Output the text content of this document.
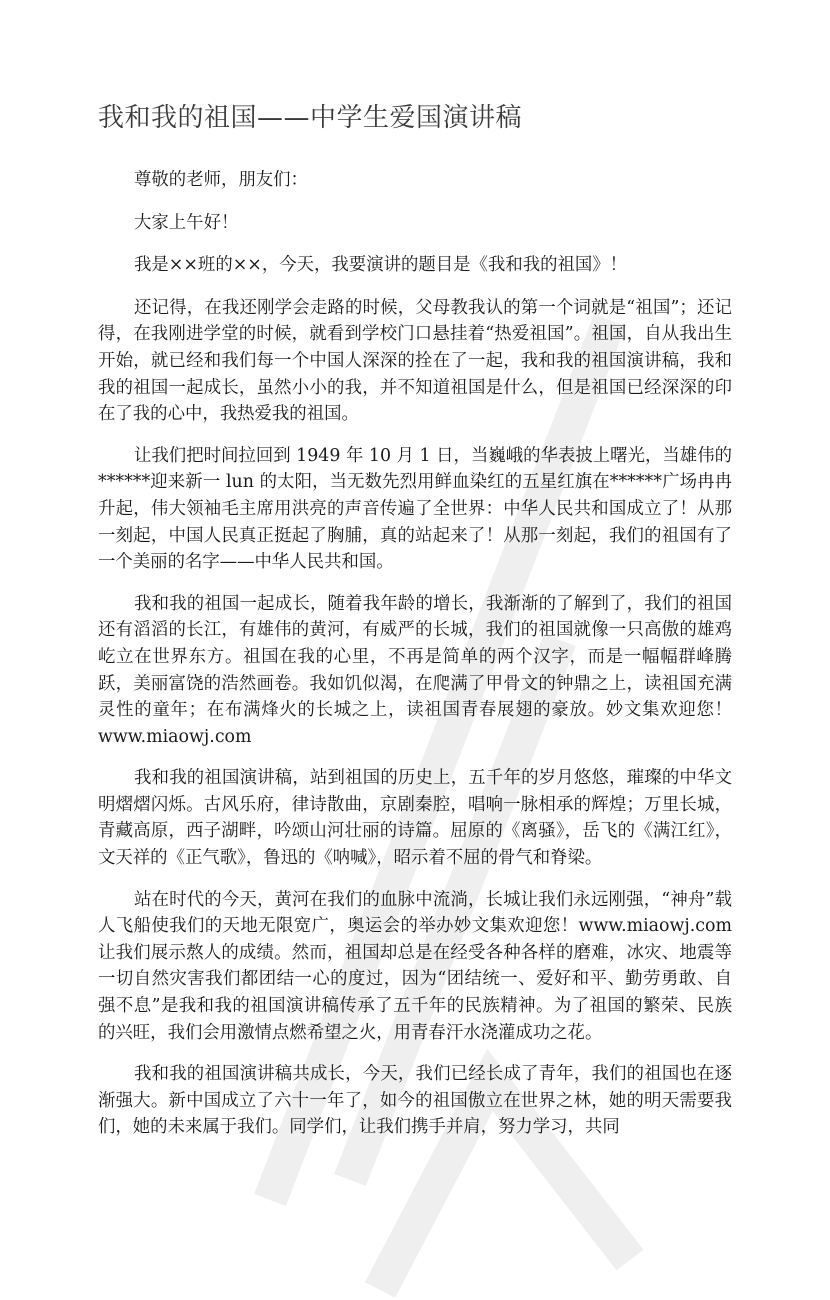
我和我的祖国——中学生爱国演讲稿

尊敬的老师，朋友们：

大家上午好！

我是××班的××，今天，我要演讲的题目是《我和我的祖国》！

还记得，在我还刚学会走路的时候，父母教我认的第一个词就是“祖国”；还记得，在我刚进学堂的时候，就看到学校门口悬挂着“热爱祖国”。祖国，自从我出生开始，就已经和我们每一个中国人深深的拴在了一起，我和我的祖国演讲稿，我和我的祖国一起成长，虽然小小的我，并不知道祖国是什么，但是祖国已经深深的印在了我的心中，我热爱我的祖国。

让我们把时间拉回到 1949 年 10 月 1 日，当巍峨的华表披上曙光，当雄伟的******迎来新一 lun 的太阳，当无数先烈用鲜血染红的五星红旗在******广场冉冉升起，伟大领袖毛主席用洪亮的声音传遍了全世界：中华人民共和国成立了！从那一刻起，中国人民真正挺起了胸脯，真的站起来了！从那一刻起，我们的祖国有了一个美丽的名字——中华人民共和国。

我和我的祖国一起成长，随着我年龄的增长，我渐渐的了解到了，我们的祖国还有滔滔的长江，有雄伟的黄河，有威严的长城，我们的祖国就像一只高傲的雄鸡屹立在世界东方。祖国在我的心里，不再是简单的两个汉字，而是一幅幅群峰腾跃，美丽富饶的浩然画卷。我如饥似渴，在爬满了甲骨文的钟鼎之上，读祖国充满灵性的童年；在布满烽火的长城之上，读祖国青春展翅的豪放。妙文集欢迎您！www.miaowj.com

我和我的祖国演讲稿，站到祖国的历史上，五千年的岁月悠悠，璀璨的中华文明熠熠闪烁。古风乐府，律诗散曲，京剧秦腔，唱响一脉相承的辉煌；万里长城，青藏高原，西子湖畔，吟颂山河壮丽的诗篇。屈原的《离骚》，岳飞的《满江红》，文天祥的《正气歌》，鲁迅的《呐喊》，昭示着不屈的骨气和脊梁。

站在时代的今天，黄河在我们的血脉中流淌，长城让我们永远刚强，“神舟”载人飞船使我们的天地无限宽广，奥运会的举办妙文集欢迎您！www.miaowj.com 让我们展示熬人的成绩。然而，祖国却总是在经受各种各样的磨难，冰灾、地震等一切自然灾害我们都团结一心的度过，因为“团结统一、爱好和平、勤劳勇敢、自强不息”是我和我的祖国演讲稿传承了五千年的民族精神。为了祖国的繁荣、民族的兴旺，我们会用激情点燃希望之火，用青春汗水浇灌成功之花。

我和我的祖国演讲稿共成长，今天，我们已经长成了青年，我们的祖国也在逐渐强大。新中国成立了六十一年了，如今的祖国傲立在世界之林，她的明天需要我们，她的未来属于我们。同学们，让我们携手并肩，努力学习，共同
